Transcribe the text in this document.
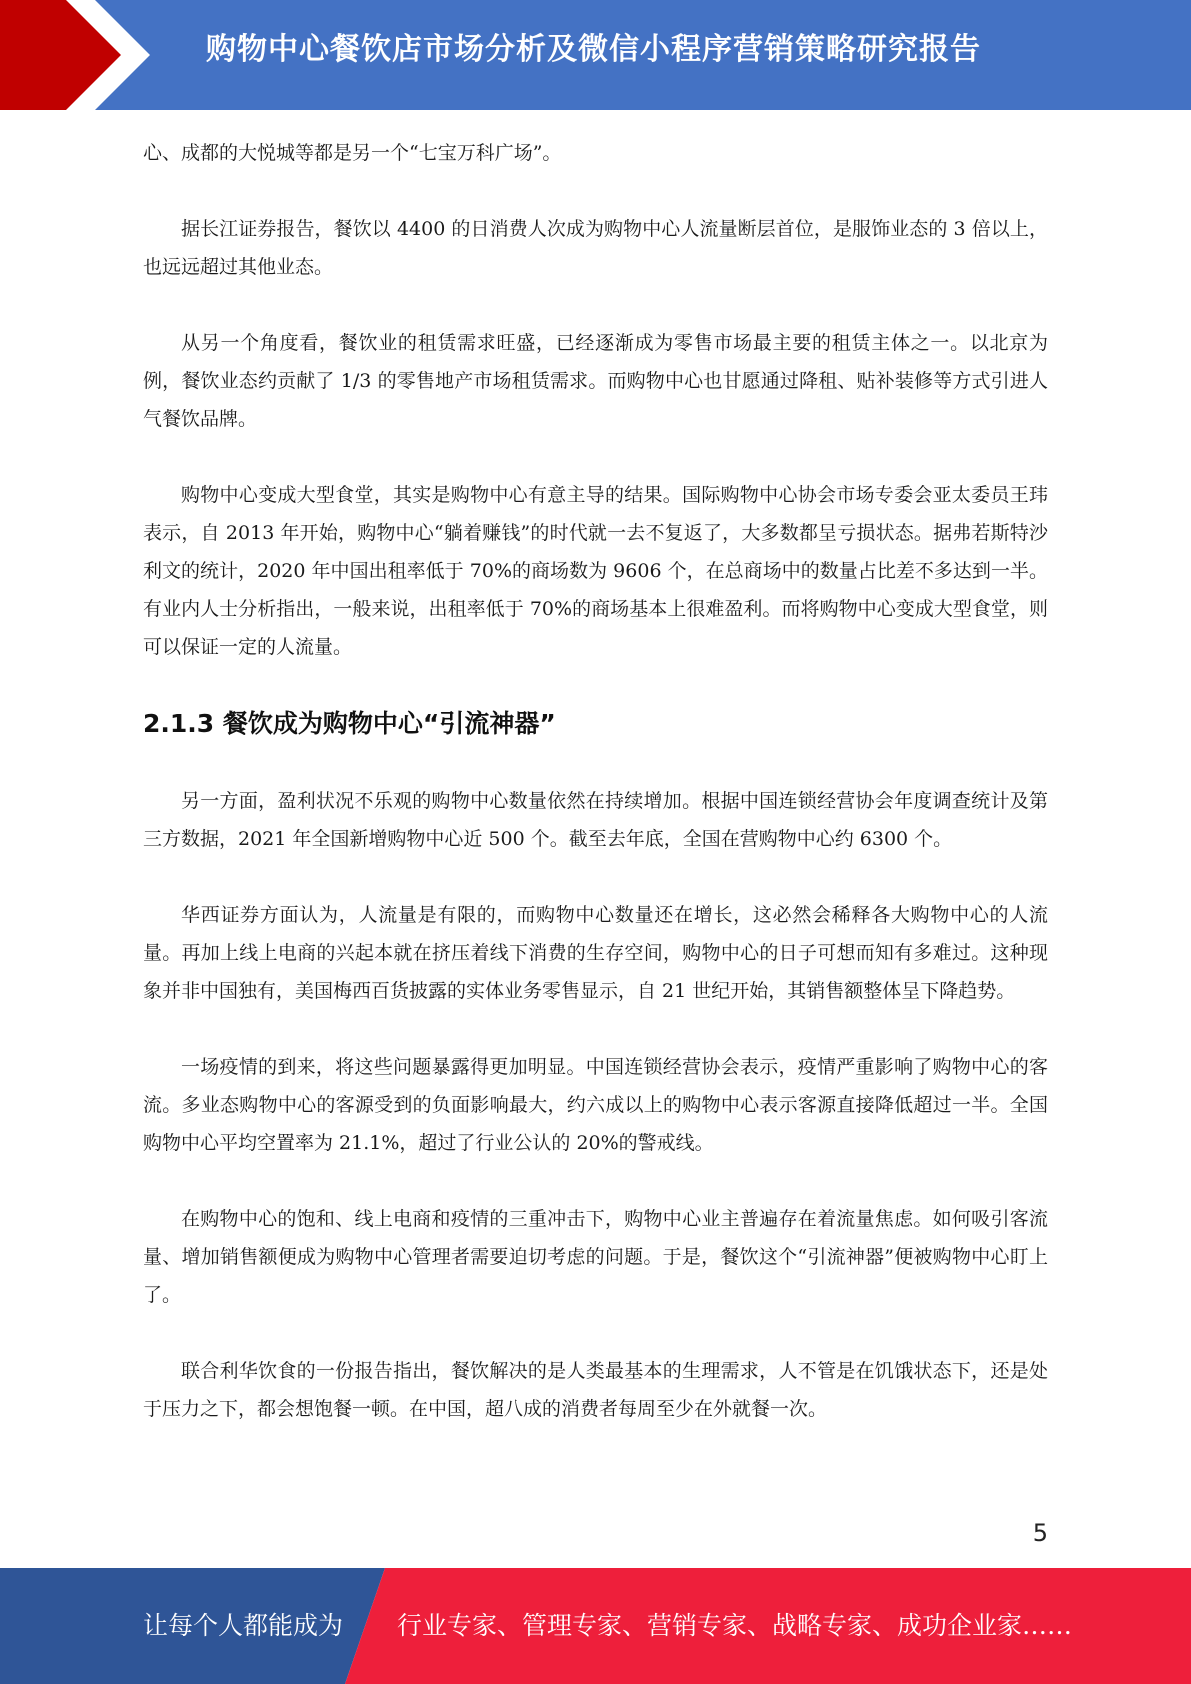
购物中心餐饮店市场分析及微信小程序营销策略研究报告

心、成都的大悦城等都是另一个“七宝万科广场”。

据长江证券报告，餐饮以 4400 的日消费人次成为购物中心人流量断层首位，是服饰业态的 3 倍以上，也远远超过其他业态。

从另一个角度看，餐饮业的租赁需求旺盛，已经逐渐成为零售市场最主要的租赁主体之一。以北京为例，餐饮业态约贡献了 1/3 的零售地产市场租赁需求。而购物中心也甘愿通过降租、贴补装修等方式引进人气餐饮品牌。

购物中心变成大型食堂，其实是购物中心有意主导的结果。国际购物中心协会市场专委会亚太委员王玮表示，自 2013 年开始，购物中心“躺着赚钱”的时代就一去不复返了，大多数都呈亏损状态。据弗若斯特沙利文的统计，2020 年中国出租率低于 70%的商场数为 9606 个，在总商场中的数量占比差不多达到一半。有业内人士分析指出，一般来说，出租率低于 70%的商场基本上很难盈利。而将购物中心变成大型食堂，则可以保证一定的人流量。

2.1.3 餐饮成为购物中心“引流神器”

另一方面，盈利状况不乐观的购物中心数量依然在持续增加。根据中国连锁经营协会年度调查统计及第三方数据，2021 年全国新增购物中心近 500 个。截至去年底，全国在营购物中心约 6300 个。

华西证券方面认为，人流量是有限的，而购物中心数量还在增长，这必然会稀释各大购物中心的人流量。再加上线上电商的兴起本就在挤压着线下消费的生存空间，购物中心的日子可想而知有多难过。这种现象并非中国独有，美国梅西百货披露的实体业务零售显示，自 21 世纪开始，其销售额整体呈下降趋势。

一场疫情的到来，将这些问题暴露得更加明显。中国连锁经营协会表示，疫情严重影响了购物中心的客流。多业态购物中心的客源受到的负面影响最大，约六成以上的购物中心表示客源直接降低超过一半。全国购物中心平均空置率为 21.1%，超过了行业公认的 20%的警戒线。

在购物中心的饱和、线上电商和疫情的三重冲击下，购物中心业主普遍存在着流量焦虑。如何吸引客流量、增加销售额便成为购物中心管理者需要迫切考虑的问题。于是，餐饮这个“引流神器”便被购物中心盯上了。

联合利华饮食的一份报告指出，餐饮解决的是人类最基本的生理需求，人不管是在饥饿状态下，还是处于压力之下，都会想饱餐一顿。在中国，超八成的消费者每周至少在外就餐一次。

5
让每个人都能成为 行业专家、管理专家、营销专家、战略专家、成功企业家……
